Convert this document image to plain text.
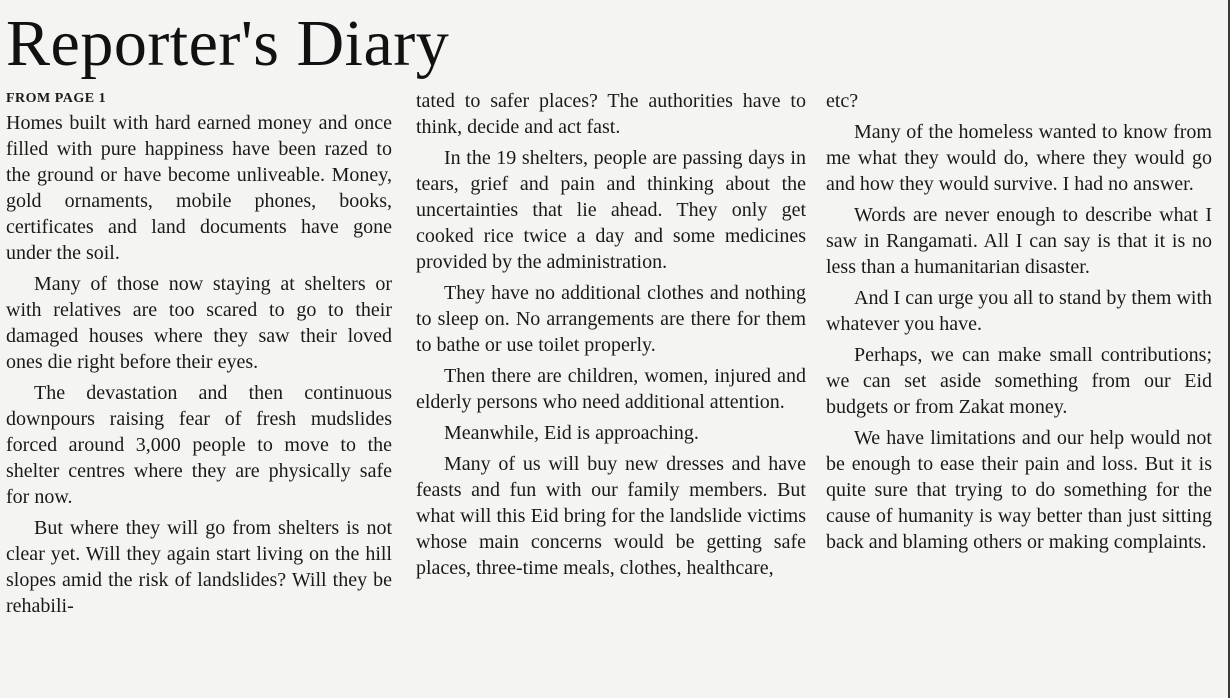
Reporter's Diary

FROM PAGE 1

Homes built with hard earned money and once filled with pure happiness have been razed to the ground or have become unliveable. Money, gold ornaments, mobile phones, books, certificates and land documents have gone under the soil.

Many of those now staying at shelters or with relatives are too scared to go to their damaged houses where they saw their loved ones die right before their eyes.

The devastation and then continuous downpours raising fear of fresh mudslides forced around 3,000 people to move to the shelter centres where they are physically safe for now.

But where they will go from shelters is not clear yet. Will they again start living on the hill slopes amid the risk of landslides? Will they be rehabili-

tated to safer places? The authorities have to think, decide and act fast.

In the 19 shelters, people are passing days in tears, grief and pain and thinking about the uncertainties that lie ahead. They only get cooked rice twice a day and some medicines provided by the administration.

They have no additional clothes and nothing to sleep on. No arrangements are there for them to bathe or use toilet properly.

Then there are children, women, injured and elderly persons who need additional attention.

Meanwhile, Eid is approaching.

Many of us will buy new dresses and have feasts and fun with our family members. But what will this Eid bring for the landslide victims whose main concerns would be getting safe places, three-time meals, clothes, healthcare,

etc?

Many of the homeless wanted to know from me what they would do, where they would go and how they would survive. I had no answer.

Words are never enough to describe what I saw in Rangamati. All I can say is that it is no less than a humanitarian disaster.

And I can urge you all to stand by them with whatever you have.

Perhaps, we can make small contributions; we can set aside something from our Eid budgets or from Zakat money.

We have limitations and our help would not be enough to ease their pain and loss. But it is quite sure that trying to do something for the cause of humanity is way better than just sitting back and blaming others or making complaints.
